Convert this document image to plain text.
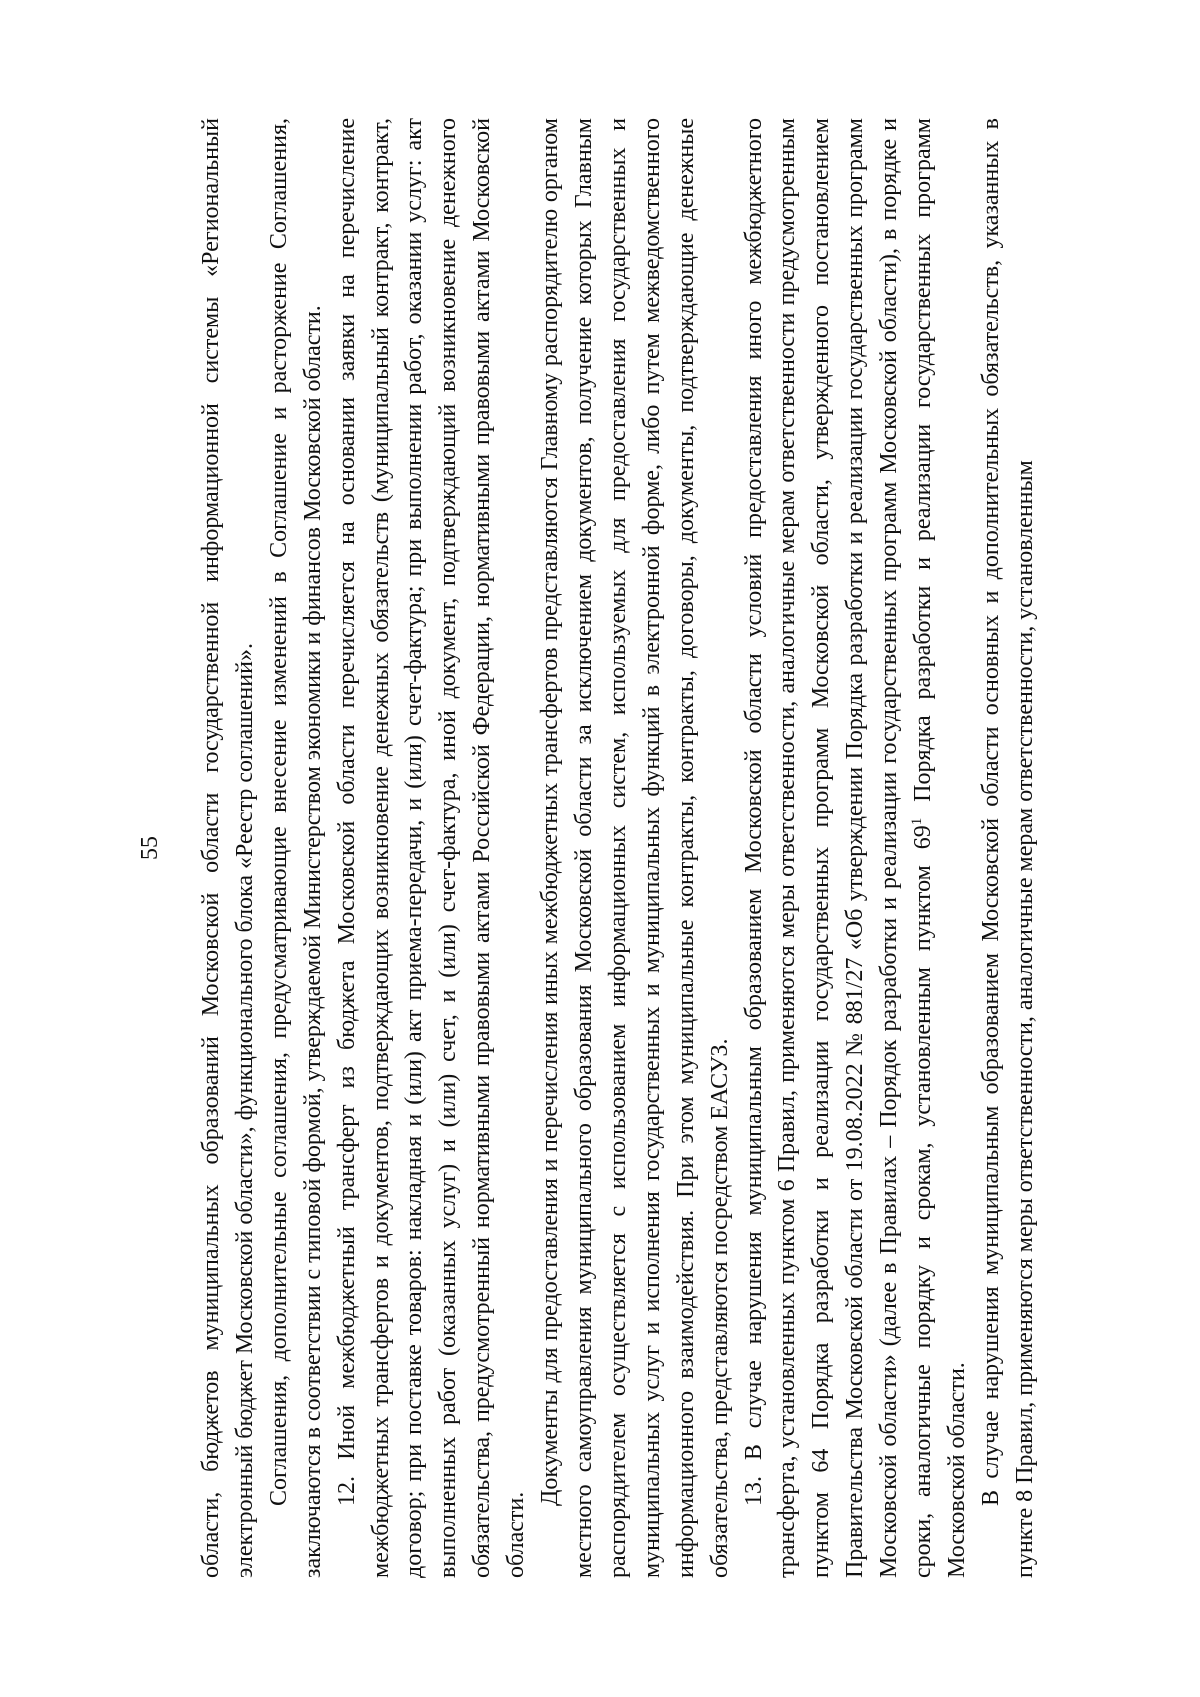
55 области, бюджетов муниципальных образований Московской области государственной информационной системы «Региональный электронный бюджет Московской области», функционального блока «Реестр соглашений». Соглашения, дополнительные соглашения, предусматривающие внесение изменений в Соглашение и расторжение Соглашения, заключаются в соответствии с типовой формой, утверждаемой Министерством экономики и финансов Московской области. 12. Иной межбюджетный трансферт из бюджета Московской области перечисляется на основании заявки на перечисление межбюджетных трансфертов и документов, подтверждающих возникновение денежных обязательств (муниципальный контракт, контракт, договор; при поставке товаров: накладная и (или) акт приема-передачи, и (или) счет-фактура; при выполнении работ, оказании услуг: акт выполненных работ (оказанных услуг) и (или) счет, и (или) счет-фактура, иной документ, подтверждающий возникновение денежного обязательства, предусмотренный нормативными правовыми актами Российской Федерации, нормативными правовыми актами Московской области.

Документы для предоставления и перечисления иных межбюджетных трансфертов представляются Главному распорядителю органом местного самоуправления муниципального образования Московской области за исключением документов, получение которых Главным распорядителем осуществляется с использованием информационных систем, используемых для предоставления государственных и муниципальных услуг и исполнения государственных и муниципальных функций в электронной форме, либо путем межведомственного информационного взаимодействия. При этом муниципальные контракты, контракты, договоры, документы, подтверждающие денежные обязательства, представляются посредством ЕАСУЗ. 13. В случае нарушения муниципальным образованием Московской области условий предоставления иного межбюджетного трансферта, установленных пунктом 6 Правил, применяются меры ответственности, аналогичные мерам ответственности предусмотренным пунктом 64 Порядка разработки и реализации государственных программ Московской области, утвержденного постановлением Правительства Московской области от 19.08.2022 № 881/27 «Об утверждении Порядка разработки и реализации государственных программ Московской области» (далее в Правилах – Порядок разработки и реализации государственных программ Московской области), в порядке и сроки, аналогичные порядку и срокам, установленным пунктом $69^1$ Порядка разработки и реализации государственных программ Московской области. В случае нарушения муниципальным образованием Московской области основных и дополнительных обязательств, указанных в пункте 8 Правил, применяются меры ответственности, аналогичные мерам ответственности, установленным
